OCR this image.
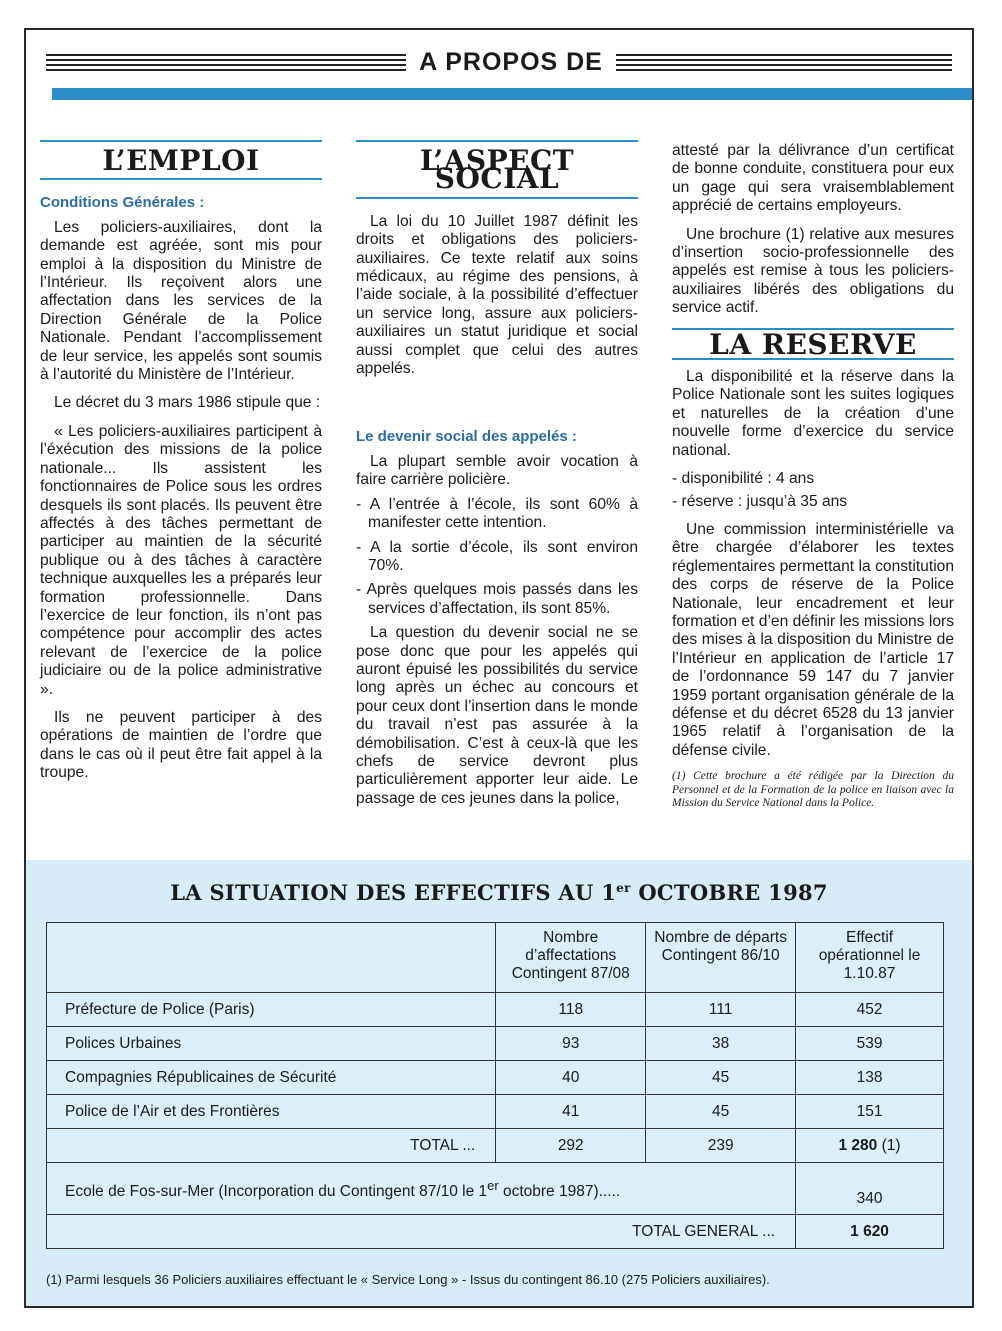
A PROPOS DE
L’EMPLOI
Conditions Générales :

Les policiers-auxiliaires, dont la demande est agréée, sont mis pour emploi à la disposition du Ministre de l’Intérieur. Ils reçoivent alors une affectation dans les services de la Direction Générale de la Police Nationale. Pendant l’accomplissement de leur service, les appelés sont soumis à l’autorité du Ministère de l’Intérieur.

Le décret du 3 mars 1986 stipule que :

« Les policiers-auxiliaires participent à l’éxécution des missions de la police nationale... Ils assistent les fonctionnaires de Police sous les ordres desquels ils sont placés. Ils peuvent être affectés à des tâches permettant de participer au maintien de la sécurité publique ou à des tâches à caractère technique auxquelles les a préparés leur formation professionnelle. Dans l’exercice de leur fonction, ils n’ont pas compétence pour accomplir des actes relevant de l’exercice de la police judiciaire ou de la police administrative ».

Ils ne peuvent participer à des opérations de maintien de l’ordre que dans le cas où il peut être fait appel à la troupe.

L’ASPECT SOCIAL

La loi du 10 Juillet 1987 définit les droits et obligations des policiers-auxiliaires. Ce texte relatif aux soins médicaux, au régime des pensions, à l’aide sociale, à la possibilité d’effectuer un service long, assure aux policiers-auxiliaires un statut juridique et social aussi complet que celui des autres appelés.

Le devenir social des appelés :

La plupart semble avoir vocation à faire carrière policière.

- A l’entrée à l’école, ils sont 60% à manifester cette intention.

- A la sortie d’école, ils sont environ 70%.

- Après quelques mois passés dans les services d’affectation, ils sont 85%.

La question du devenir social ne se pose donc que pour les appelés qui auront épuisé les possibilités du service long après un échec au concours et pour ceux dont l’insertion dans le monde du travail n’est pas assurée à la démobilisation. C’est à ceux-là que les chefs de service devront plus particulièrement apporter leur aide. Le passage de ces jeunes dans la police,

attesté par la délivrance d’un certificat de bonne conduite, constituera pour eux un gage qui sera vraisemblablement apprécié de certains employeurs.

Une brochure (1) relative aux mesures d’insertion socio-professionnelle des appelés est remise à tous les policiers-auxiliaires libérés des obligations du service actif.

LA RESERVE

La disponibilité et la réserve dans la Police Nationale sont les suites logiques et naturelles de la création d’une nouvelle forme d’exercice du service national.

- disponibilité : 4 ans

- réserve : jusqu’à 35 ans

Une commission interministérielle va être chargée d’élaborer les textes réglementaires permettant la constitution des corps de réserve de la Police Nationale, leur encadrement et leur formation et d’en définir les missions lors des mises à la disposition du Ministre de l’Intérieur en application de l’article 17 de l’ordonnance 59 147 du 7 janvier 1959 portant organisation générale de la défense et du décret 6528 du 13 janvier 1965 relatif à l’organisation de la défense civile.

(1) Cette brochure a été rédigée par la Direction du Personnel et de la Formation de la police en liaison avec la Mission du Service National dans la Police.

LA SITUATION DES EFFECTIFS AU 1er OCTOBRE 1987
	Nombre d’affectations Contingent 87/08	Nombre de départs Contingent 86/10	Effectif opérationnel le 1.10.87
Préfecture de Police (Paris)	118	111	452
Polices Urbaines	93	38	539
Compagnies Républicaines de Sécurité	40	45	138
Police de l’Air et des Frontières	41	45	151
TOTAL ...	292	239	1 280 (1)
Ecole de Fos-sur-Mer (Incorporation du Contingent 87/10 le 1er octobre 1987).....			340
TOTAL GENERAL ...			1 620
(1) Parmi lesquels 36 Policiers auxiliaires effectuant le « Service Long » - Issus du contingent 86.10 (275 Policiers auxiliaires).
